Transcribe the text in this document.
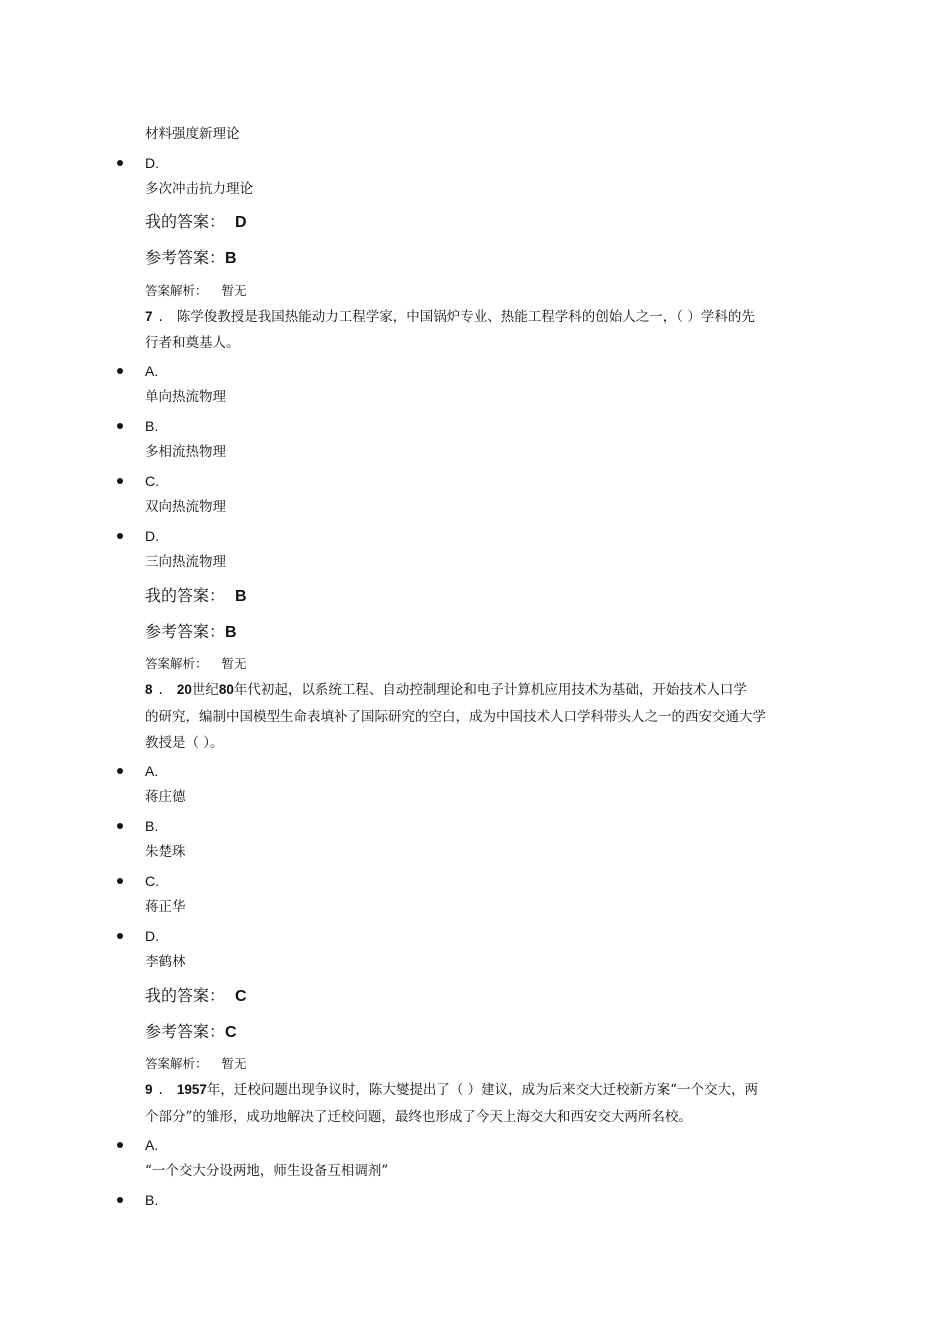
材料强度新理论
D.
多次冲击抗力理论
我的答案： D
参考答案：B
答案解析： 暂无
7 . 陈学俊教授是我国热能动力工程学家，中国锅炉专业、热能工程学科的创始人之一，（ ）学科的先
行者和奠基人。
A.
单向热流物理
B.
多相流热物理
C.
双向热流物理
D.
三向热流物理
我的答案： B
参考答案：B
答案解析： 暂无
8 . 20世纪80年代初起，以系统工程、自动控制理论和电子计算机应用技术为基础，开始技术人口学
的研究，编制中国模型生命表填补了国际研究的空白，成为中国技术人口学科带头人之一的西安交通大学
教授是（ ）。
A.
蒋庄德
B.
朱楚珠
C.
蒋正华
D.
李鹤林
我的答案： C
参考答案：C
答案解析： 暂无
9 . 1957年，迁校问题出现争议时，陈大燮提出了（ ）建议，成为后来交大迁校新方案“一个交大，两
个部分”的雏形，成功地解决了迁校问题，最终也形成了今天上海交大和西安交大两所名校。
A.
“一个交大分设两地，师生设备互相调剂”
B.
